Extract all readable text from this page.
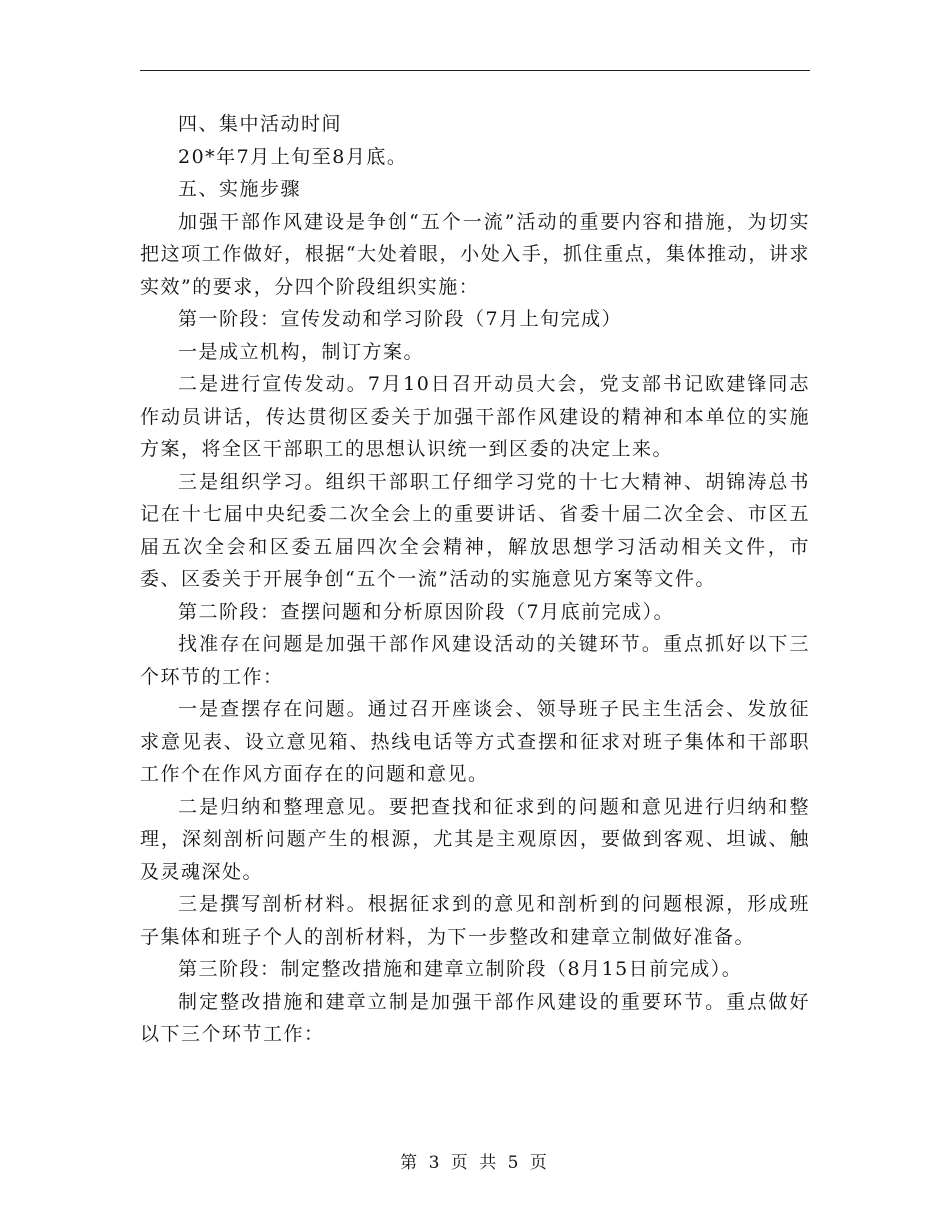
四、集中活动时间

20*年7月上旬至8月底。

五、实施步骤

加强干部作风建设是争创“五个一流”活动的重要内容和措施，为切实把这项工作做好，根据“大处着眼，小处入手，抓住重点，集体推动，讲求实效”的要求，分四个阶段组织实施：

第一阶段：宣传发动和学习阶段（7月上旬完成）

一是成立机构，制订方案。

二是进行宣传发动。7月10日召开动员大会，党支部书记欧建锋同志作动员讲话，传达贯彻区委关于加强干部作风建设的精神和本单位的实施方案，将全区干部职工的思想认识统一到区委的决定上来。

三是组织学习。组织干部职工仔细学习党的十七大精神、胡锦涛总书记在十七届中央纪委二次全会上的重要讲话、省委十届二次全会、市区五届五次全会和区委五届四次全会精神，解放思想学习活动相关文件，市委、区委关于开展争创“五个一流”活动的实施意见方案等文件。

第二阶段：查摆问题和分析原因阶段（7月底前完成）。

找准存在问题是加强干部作风建设活动的关键环节。重点抓好以下三个环节的工作：

一是查摆存在问题。通过召开座谈会、领导班子民主生活会、发放征求意见表、设立意见箱、热线电话等方式查摆和征求对班子集体和干部职工作个在作风方面存在的问题和意见。

二是归纳和整理意见。要把查找和征求到的问题和意见进行归纳和整理，深刻剖析问题产生的根源，尤其是主观原因，要做到客观、坦诚、触及灵魂深处。

三是撰写剖析材料。根据征求到的意见和剖析到的问题根源，形成班子集体和班子个人的剖析材料，为下一步整改和建章立制做好准备。

第三阶段：制定整改措施和建章立制阶段（8月15日前完成）。

制定整改措施和建章立制是加强干部作风建设的重要环节。重点做好以下三个环节工作：

第 3 页 共 5 页
